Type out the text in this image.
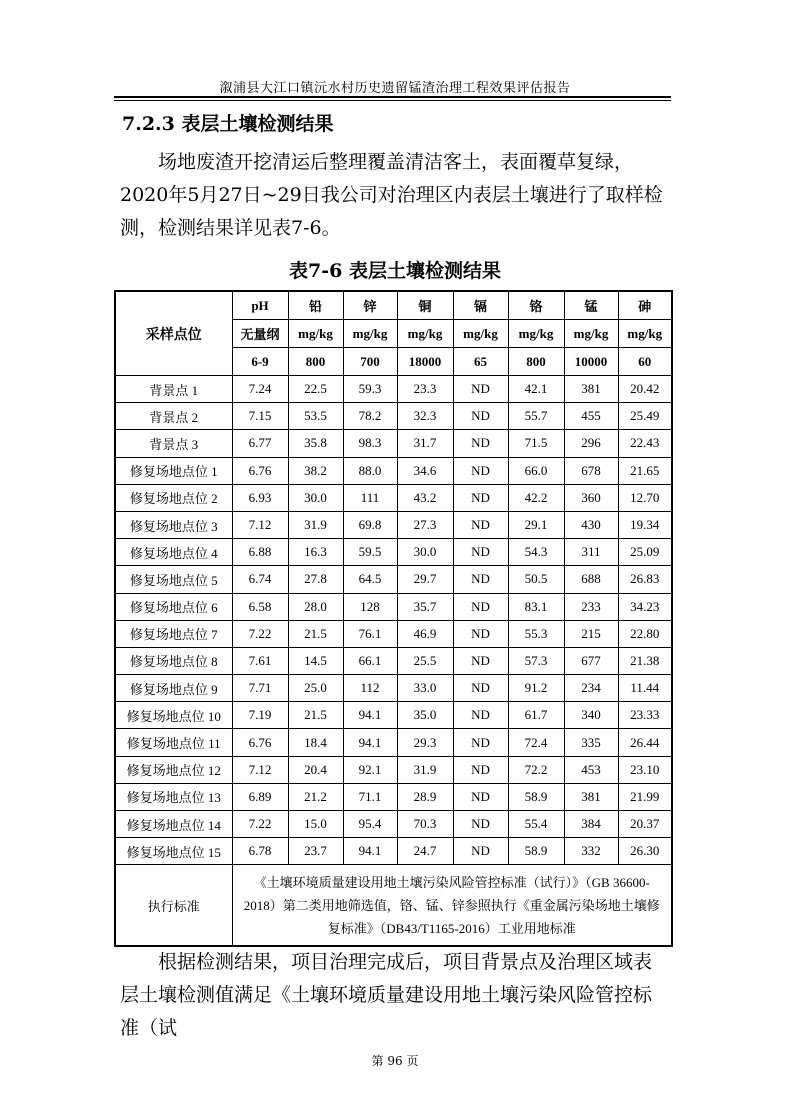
溆浦县大江口镇沅水村历史遗留锰渣治理工程效果评估报告
7.2.3 表层土壤检测结果
场地废渣开挖清运后整理覆盖清洁客土，表面覆草复绿，2020年5月27日~29日我公司对治理区内表层土壤进行了取样检测，检测结果详见表7-6。
表7-6 表层土壤检测结果
采样点位	pH	铅	锌	铜	镉	铬	锰	砷
	无量纲	mg/kg	mg/kg	mg/kg	mg/kg	mg/kg	mg/kg	mg/kg
	6-9	800	700	18000	65	800	10000	60
背景点 1	7.24	22.5	59.3	23.3	ND	42.1	381	20.42
背景点 2	7.15	53.5	78.2	32.3	ND	55.7	455	25.49
背景点 3	6.77	35.8	98.3	31.7	ND	71.5	296	22.43
修复场地点位 1	6.76	38.2	88.0	34.6	ND	66.0	678	21.65
修复场地点位 2	6.93	30.0	111	43.2	ND	42.2	360	12.70
修复场地点位 3	7.12	31.9	69.8	27.3	ND	29.1	430	19.34
修复场地点位 4	6.88	16.3	59.5	30.0	ND	54.3	311	25.09
修复场地点位 5	6.74	27.8	64.5	29.7	ND	50.5	688	26.83
修复场地点位 6	6.58	28.0	128	35.7	ND	83.1	233	34.23
修复场地点位 7	7.22	21.5	76.1	46.9	ND	55.3	215	22.80
修复场地点位 8	7.61	14.5	66.1	25.5	ND	57.3	677	21.38
修复场地点位 9	7.71	25.0	112	33.0	ND	91.2	234	11.44
修复场地点位 10	7.19	21.5	94.1	35.0	ND	61.7	340	23.33
修复场地点位 11	6.76	18.4	94.1	29.3	ND	72.4	335	26.44
修复场地点位 12	7.12	20.4	92.1	31.9	ND	72.2	453	23.10
修复场地点位 13	6.89	21.2	71.1	28.9	ND	58.9	381	21.99
修复场地点位 14	7.22	15.0	95.4	70.3	ND	55.4	384	20.37
修复场地点位 15	6.78	23.7	94.1	24.7	ND	58.9	332	26.30
执行标准	《土壤环境质量建设用地土壤污染风险管控标准（试行）》（GB 36600-2018）第二类用地筛选值，铬、锰、锌参照执行《重金属污染场地土壤修复标准》（DB43/T1165-2016）工业用地标准							
根据检测结果，项目治理完成后，项目背景点及治理区域表层土壤检测值满足《土壤环境质量建设用地土壤污染风险管控标准（试
第 96 页
